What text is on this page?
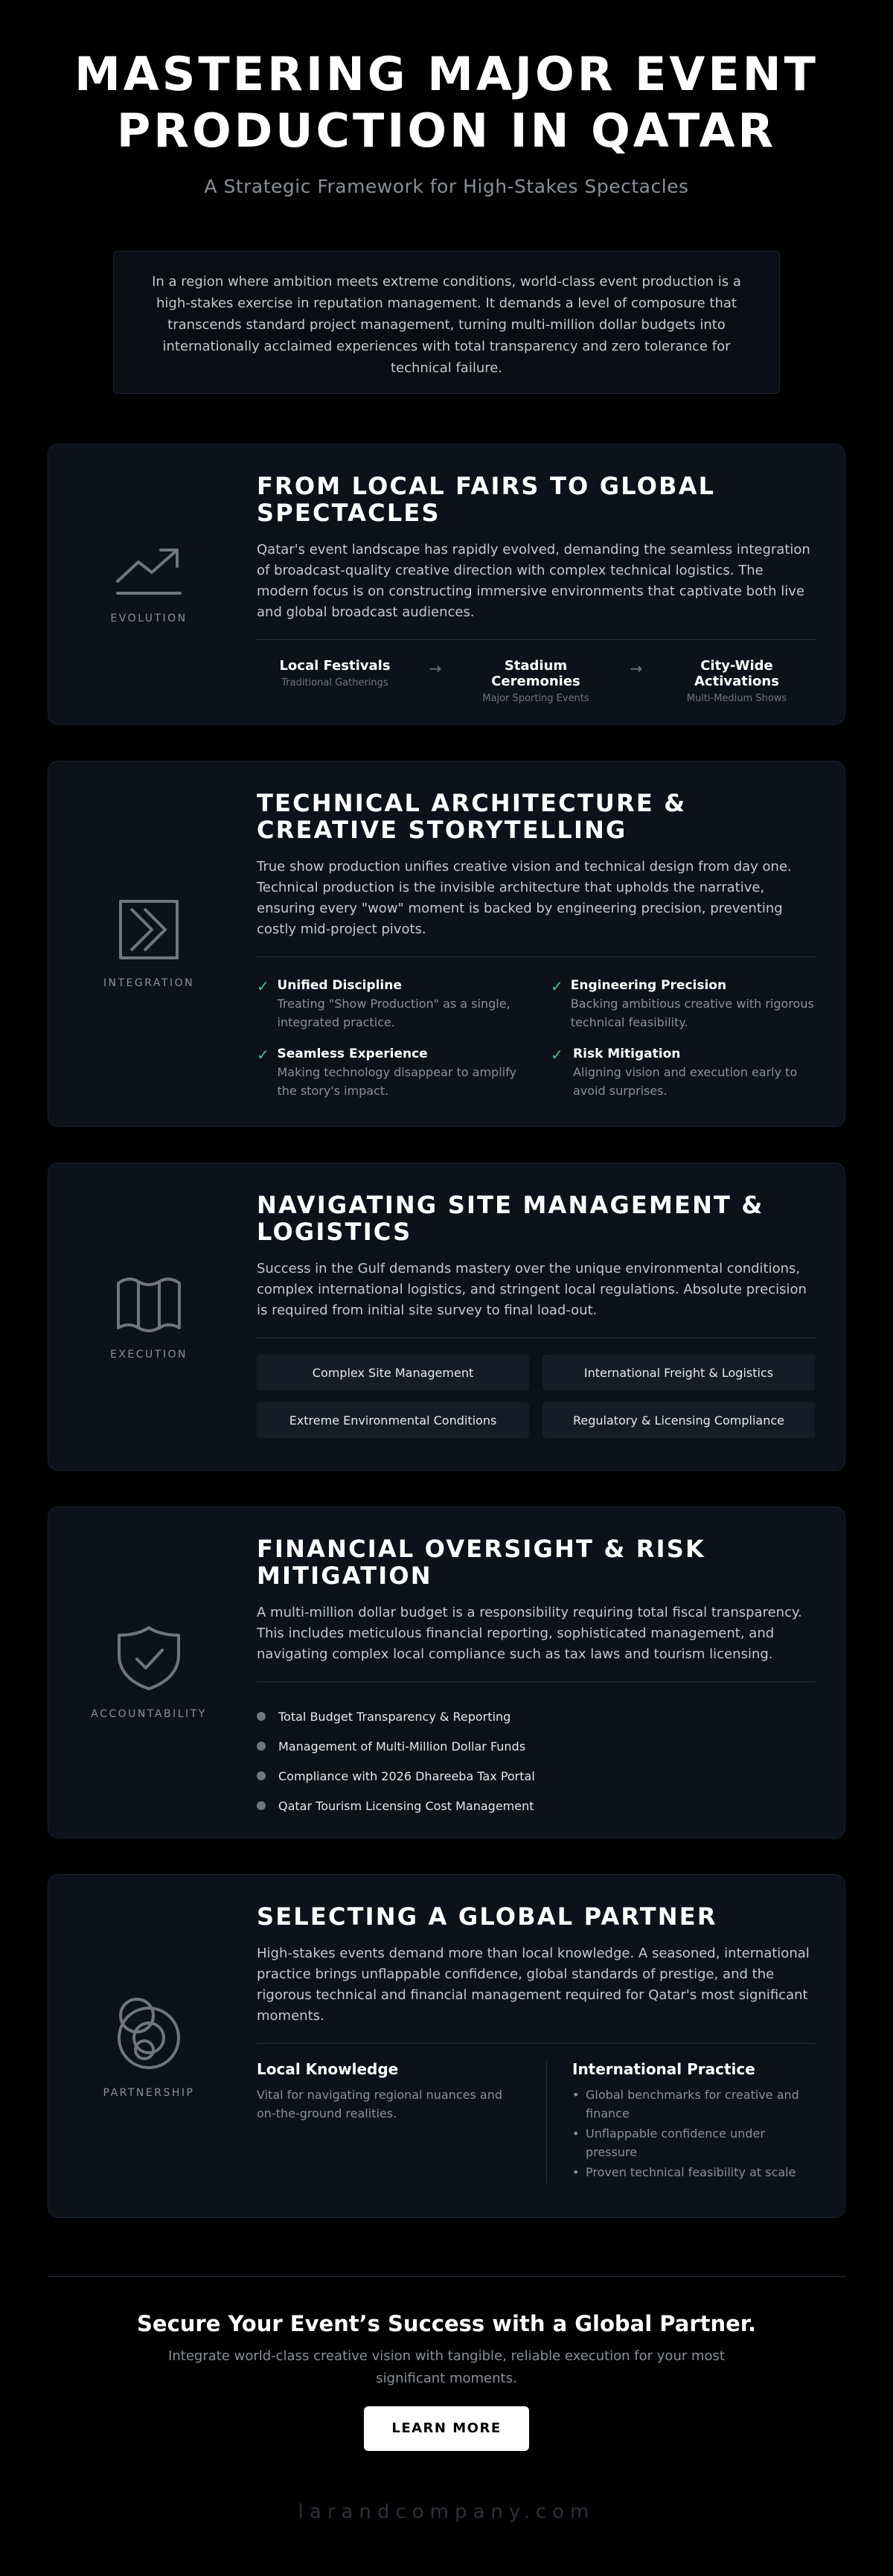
MASTERING MAJOR EVENT PRODUCTION IN QATAR
A Strategic Framework for High-Stakes Spectacles
In a region where ambition meets extreme conditions, world-class event production is a high-stakes exercise in reputation management. It demands a level of composure that transcends standard project management, turning multi-million dollar budgets into internationally acclaimed experiences with total transparency and zero tolerance for technical failure.
EVOLUTION
FROM LOCAL FAIRS TO GLOBAL SPECTACLES

Qatar's event landscape has rapidly evolved, demanding the seamless integration of broadcast-quality creative direction with complex technical logistics. The modern focus is on constructing immersive environments that captivate both live and global broadcast audiences.

Local Festivals
Traditional Gatherings
→	Stadium Ceremonies
Major Sporting Events
→	City-Wide Activations
Multi-Medium Shows
INTEGRATION
TECHNICAL ARCHITECTURE & CREATIVE STORYTELLING

True show production unifies creative vision and technical design from day one. Technical production is the invisible architecture that upholds the narrative, ensuring every "wow" moment is backed by engineering precision, preventing costly mid-project pivots.

✓ Unified Discipline
Treating "Show Production" as a single, integrated practice.
✓ Engineering Precision
Backing ambitious creative with rigorous technical feasibility.
✓ Seamless Experience
Making technology disappear to amplify the story's impact.
✓ Risk Mitigation
Aligning vision and execution early to avoid surprises.
EXECUTION
NAVIGATING SITE MANAGEMENT & LOGISTICS

Success in the Gulf demands mastery over the unique environmental conditions, complex international logistics, and stringent local regulations. Absolute precision is required from initial site survey to final load-out.

Complex Site Management	International Freight & Logistics
Extreme Environmental Conditions	Regulatory & Licensing Compliance
ACCOUNTABILITY
FINANCIAL OVERSIGHT & RISK MITIGATION

A multi-million dollar budget is a responsibility requiring total fiscal transparency. This includes meticulous financial reporting, sophisticated management, and navigating complex local compliance such as tax laws and tourism licensing.

Total Budget Transparency & Reporting
Management of Multi-Million Dollar Funds
Compliance with 2026 Dhareeba Tax Portal
Qatar Tourism Licensing Cost Management
PARTNERSHIP
SELECTING A GLOBAL PARTNER

High-stakes events demand more than local knowledge. A seasoned, international practice brings unflappable confidence, global standards of prestige, and the rigorous technical and financial management required for Qatar's most significant moments.

Local Knowledge
Vital for navigating regional nuances and on-the-ground realities.
International Practice
• Global benchmarks for creative and finance
• Unflappable confidence under pressure
• Proven technical feasibility at scale
Secure Your Event’s Success with a Global Partner.

Integrate world-class creative vision with tangible, reliable execution for your most significant moments.

LEARN MORE
larandcompany.com
